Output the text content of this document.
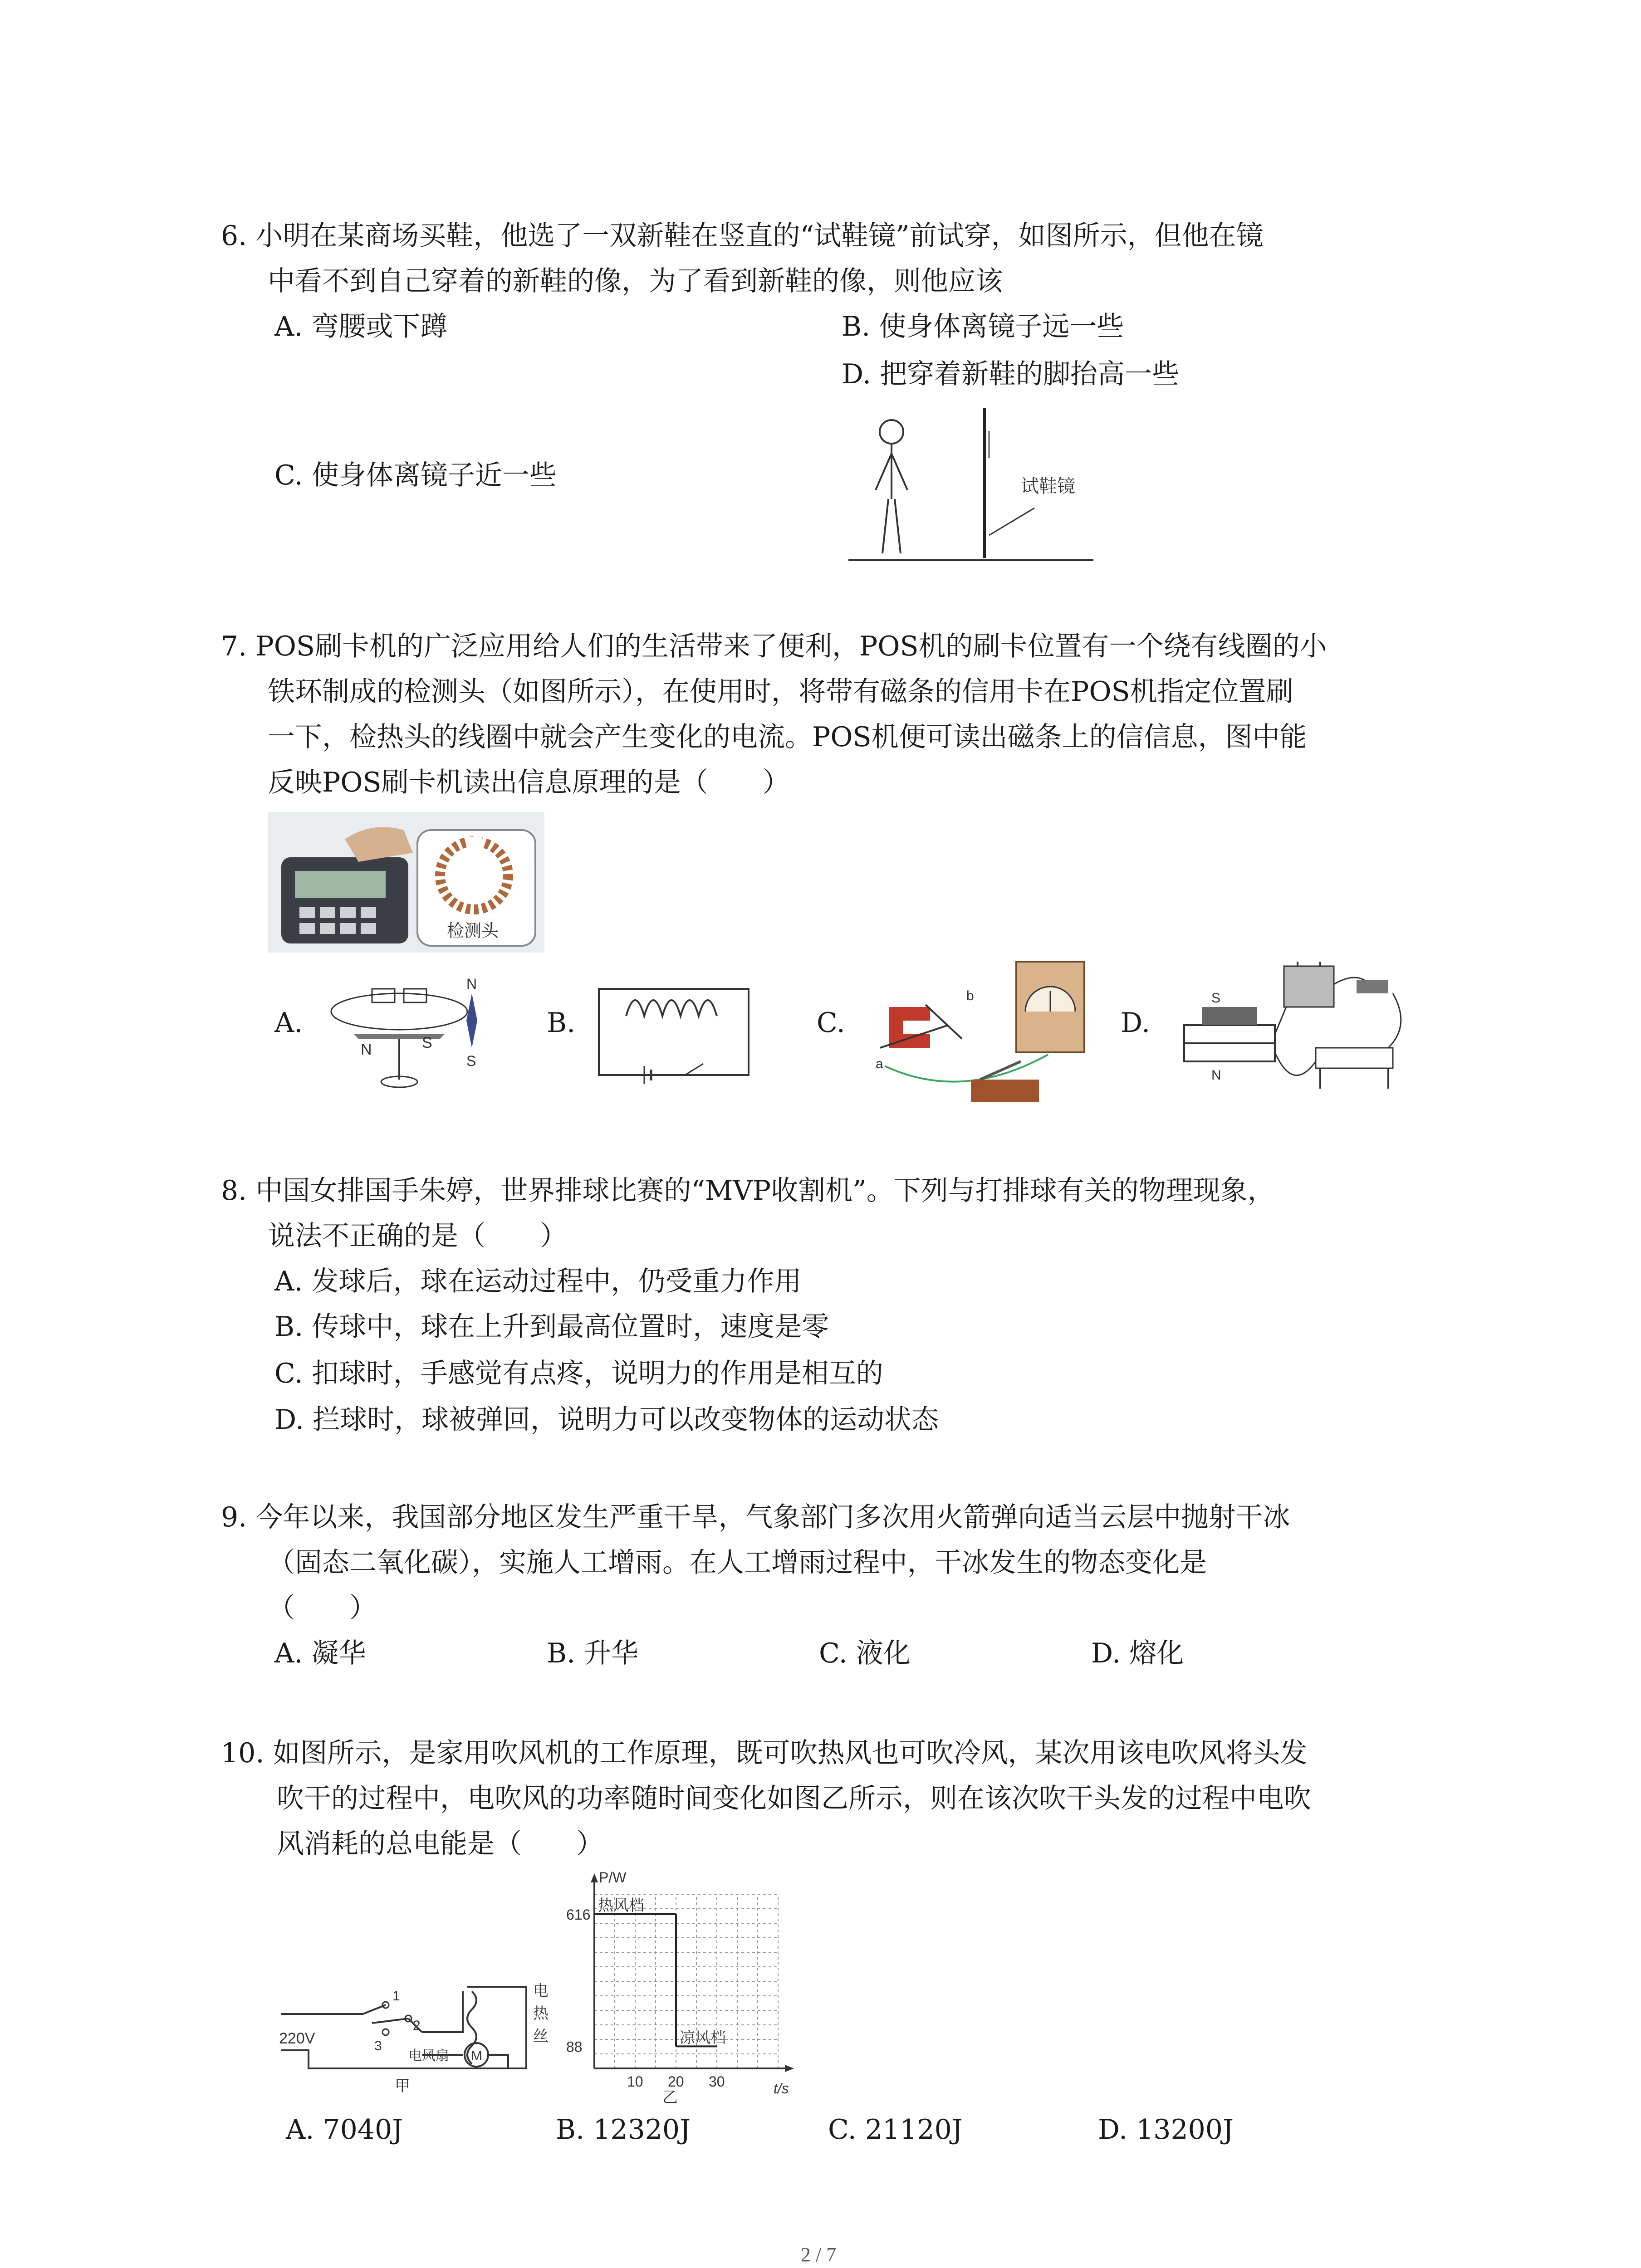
6. 小明在某商场买鞋，他选了一双新鞋在竖直的“试鞋镜”前试穿，如图所示，但他在镜
中看不到自己穿着的新鞋的像，为了看到新鞋的像，则他应该
A. 弯腰或下蹲	B. 使身体离镜子远一些
D. 把穿着新鞋的脚抬高一些
C. 使身体离镜子近一些	试鞋镜
7. POS刷卡机的广泛应用给人们的生活带来了便利，POS机的刷卡位置有一个绕有线圈的小
铁环制成的检测头（如图所示），在使用时，将带有磁条的信用卡在POS机指定位置刷
一下，检热头的线圈中就会产生变化的电流。POS机便可读出磁条上的信信息，图中能
反映POS刷卡机读出信息原理的是（　　）
检测头
A.
N	S
N
S
B.	C.
a
b
D.
S
N
8. 中国女排国手朱婷，世界排球比赛的“MVP收割机”。下列与打排球有关的物理现象，
说法不正确的是（　　）
A. 发球后，球在运动过程中，仍受重力作用
B. 传球中，球在上升到最高位置时，速度是零
C. 扣球时，手感觉有点疼，说明力的作用是相互的
D. 拦球时，球被弹回，说明力可以改变物体的运动状态
9. 今年以来，我国部分地区发生严重干旱，气象部门多次用火箭弹向适当云层中抛射干冰
（固态二氧化碳），实施人工增雨。在人工增雨过程中，干冰发生的物态变化是
（　　）
A. 凝华	B. 升华	C. 液化	D. 熔化
10. 如图所示，是家用吹风机的工作原理，既可吹热风也可吹冷风，某次用该电吹风将头发
吹干的过程中，电吹风的功率随时间变化如图乙所示，则在该次吹干头发的过程中电吹
风消耗的总电能是（　　）
220V
1
2
3
电风扇 M
电
热
丝
甲
热风档
凉风档
10 20 30
88
616
P/W
t/s
乙
A. 7040J	B. 12320J	C. 21120J	D. 13200J
2 / 7
